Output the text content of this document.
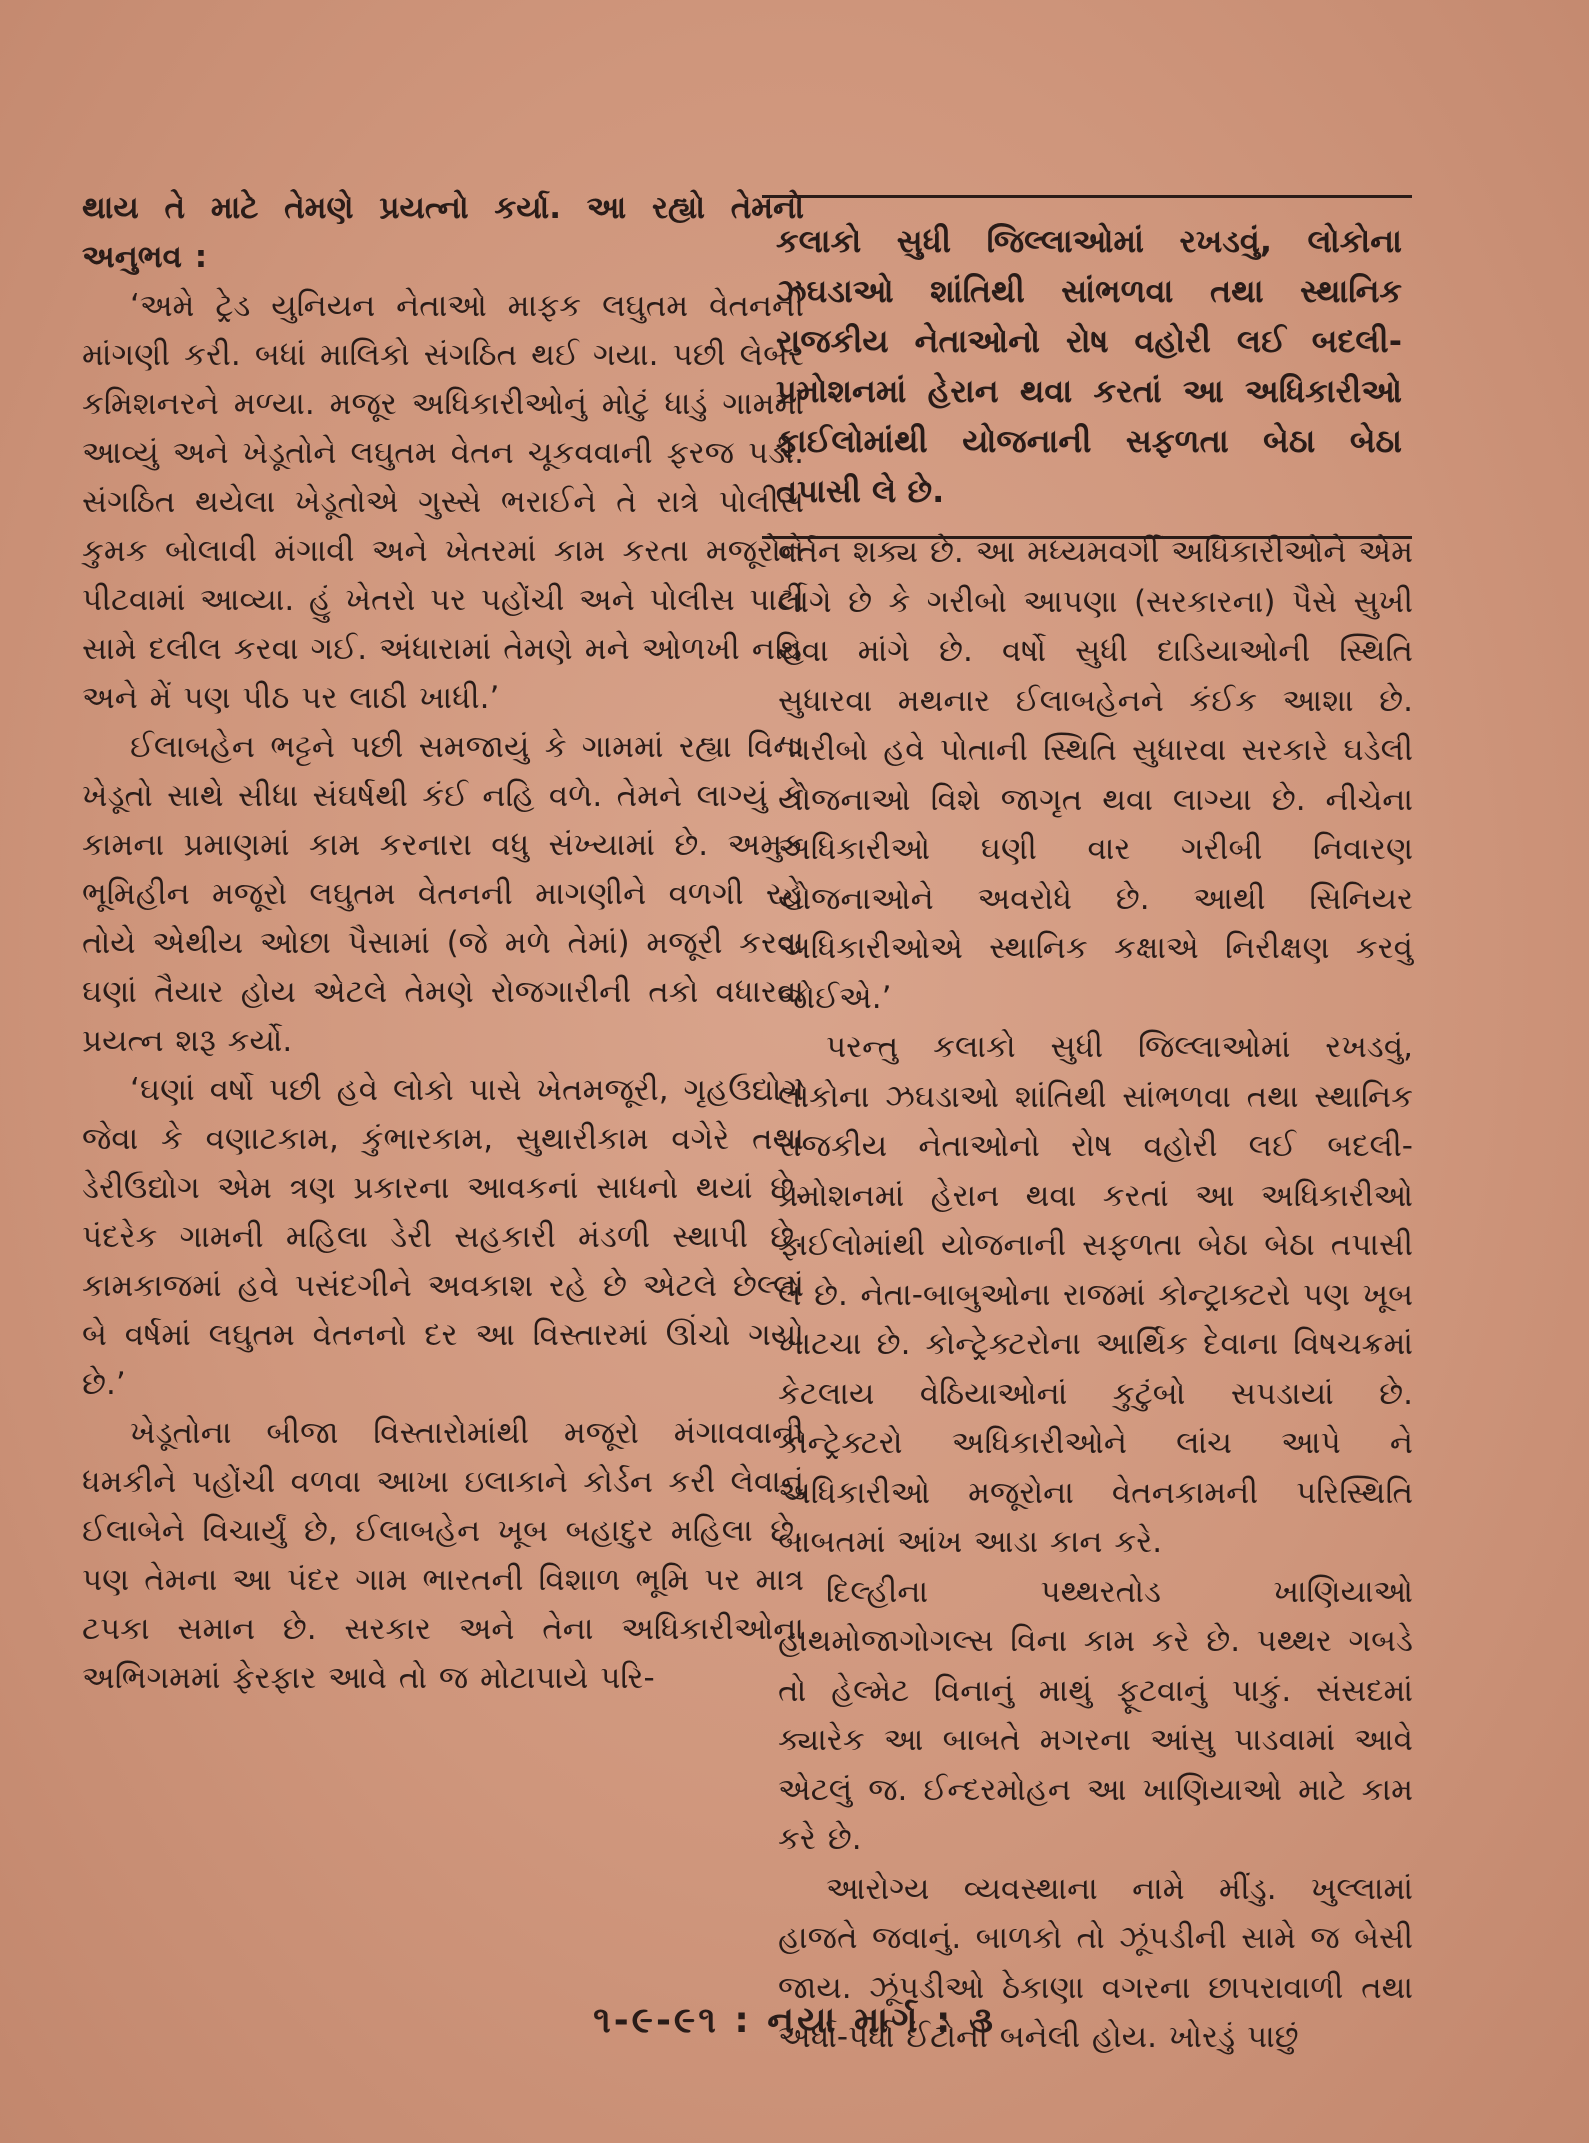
થાય તે માટે તેમણે પ્રયત્નો કર્યા. આ રહ્યો તેમનો અનુભવ :

‘અમે ટ્રેડ યુનિયન નેતાઓ માફક લઘુતમ વેતનની માંગણી કરી. બધાં માલિકો સંગઠિત થઈ ગયા. પછી લેબર કમિશનરને મળ્યા. મજૂર અધિકારીઓનું મોટું ધાડું ગામમાં આવ્યું અને ખેડૂતોને લઘુતમ વેતન ચૂકવવાની ફરજ પડી. સંગઠિત થયેલા ખેડૂતોએ ગુસ્સે ભરાઈને તે રાત્રે પોલીસ કુમક બોલાવી મંગાવી અને ખેતરમાં કામ કરતા મજૂરોને પીટવામાં આવ્યા. હું ખેતરો પર પહોંચી અને પોલીસ પાર્ટી સામે દલીલ કરવા ગઈ. અંધારામાં તેમણે મને ઓળખી નહિ અને મેં પણ પીઠ પર લાઠી ખાધી.’

ઈલાબહેન ભટ્ટને પછી સમજાયું કે ગામમાં રહ્યા વિના ખેડૂતો સાથે સીધા સંઘર્ષથી કંઈ નહિ વળે. તેમને લાગ્યું કે કામના પ્રમાણમાં કામ કરનારા વધુ સંખ્યામાં છે. અમુક ભૂમિહીન મજૂરો લઘુતમ વેતનની માગણીને વળગી રહે તોયે એથીય ઓછા પૈસામાં (જે મળે તેમાં) મજૂરી કરવા ઘણાં તૈયાર હોય એટલે તેમણે રોજગારીની તકો વધારવા પ્રયત્ન શરૂ કર્યો.

‘ઘણાં વર્ષો પછી હવે લોકો પાસે ખેતમજૂરી, ગૃહઉદ્યોગ જેવા કે વણાટકામ, કુંભારકામ, સુથારીકામ વગેરે તથા ડેરીઉદ્યોગ એમ ત્રણ પ્રકારના આવકનાં સાધનો થયાં છે. પંદરેક ગામની મહિલા ડેરી સહકારી મંડળી સ્થાપી છે. કામકાજમાં હવે પસંદગીને અવકાશ રહે છે એટલે છેલ્લાં બે વર્ષમાં લઘુતમ વેતનનો દર આ વિસ્તારમાં ઊંચો ગયો છે.’

ખેડૂતોના બીજા વિસ્તારોમાંથી મજૂરો મંગાવવાની ધમકીને પહોંચી વળવા આખા ઇલાકાને કોર્ડન કરી લેવાનું ઈલાબેને વિચાર્યું છે, ઈલાબહેન ખૂબ બહાદુર મહિલા છે. પણ તેમના આ પંદર ગામ ભારતની વિશાળ ભૂમિ પર માત્ર ટપકા સમાન છે. સરકાર અને તેના અધિકારીઓના અભિગમમાં ફેરફાર આવે તો જ મોટાપાયે પરિ-

કલાકો સુધી જિલ્લાઓમાં રખડવું, લોકોના ઝઘડાઓ શાંતિથી સાંભળવા તથા સ્થાનિક રાજકીય નેતાઓનો રોષ વહોરી લઈ બદલી-પ્રમોશનમાં હેરાન થવા કરતાં આ અધિકારીઓ ફાઈલોમાંથી યોજનાની સફળતા બેઠા બેઠા તપાસી લે છે.

વર્તન શક્ય છે. આ મધ્યમવર્ગી અધિકારીઓને એમ લાગે છે કે ગરીબો આપણા (સરકારના) પૈસે સુખી થવા માંગે છે. વર્ષો સુધી દાડિયાઓની સ્થિતિ સુધારવા મથનાર ઈલાબહેનને કંઈક આશા છે. ‘ગરીબો હવે પોતાની સ્થિતિ સુધારવા સરકારે ઘડેલી યોજનાઓ વિશે જાગૃત થવા લાગ્યા છે. નીચેના અધિકારીઓ ઘણી વાર ગરીબી નિવારણ યોજનાઓને અવરોધે છે. આથી સિનિયર અધિકારીઓએ સ્થાનિક કક્ષાએ નિરીક્ષણ કરવું જોઈએ.’

પરન્તુ કલાકો સુધી જિલ્લાઓમાં રખડવું, લોકોના ઝઘડાઓ શાંતિથી સાંભળવા તથા સ્થાનિક રાજકીય નેતાઓનો રોષ વહોરી લઈ બદલી-પ્રમોશનમાં હેરાન થવા કરતાં આ અધિકારીઓ ફાઈલોમાંથી યોજનાની સફળતા બેઠા બેઠા તપાસી લે છે. નેતા-બાબુઓના રાજમાં કોન્ટ્રાક્ટરો પણ ખૂબ ખાટચા છે. કોન્ટ્રેક્ટરોના આર્થિક દેવાના વિષચક્રમાં કેટલાય વેઠિયાઓનાં કુટુંબો સપડાયાં છે. કોન્ટ્રેક્ટરો અધિકારીઓને લાંચ આપે ને અધિકારીઓ મજૂરોના વેતનકામની પરિસ્થિતિ બાબતમાં આંખ આડા કાન કરે.

દિલ્હીના પથ્થરતોડ ખાણિયાઓ હાથમોજાગોગલ્સ વિના કામ કરે છે. પથ્થર ગબડે તો હેલ્મેટ વિનાનું માથું ફૂટવાનું પાકું. સંસદમાં ક્યારેક આ બાબતે મગરના આંસુ પાડવામાં આવે એટલું જ. ઈન્દરમોહન આ ખાણિયાઓ માટે કામ કરે છે.

આરોગ્ય વ્યવસ્થાના નામે મીંડુ. ખુલ્લામાં હાજતે જવાનું. બાળકો તો ઝૂંપડીની સામે જ બેસી જાય. ઝૂંપડીઓ ઠેકાણા વગરના છાપરાવાળી તથા અર્ધા-પર્ધા ઈંટોની બનેલી હોય. ખોરડું પાછું

૧-૯-૯૧ : નયા માર્ગ : ૩
